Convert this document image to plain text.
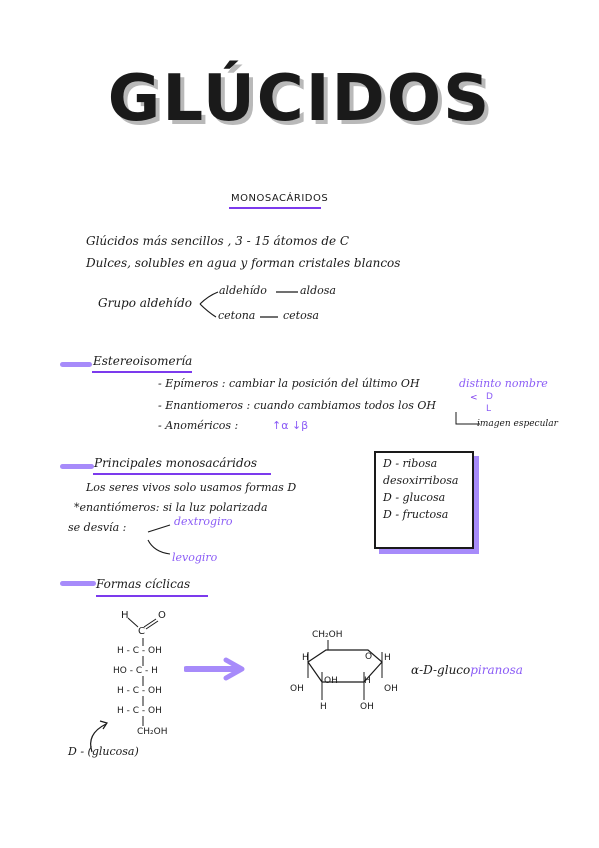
GLÚCIDOS
MONOSACÁRIDOS
Glúcidos más sencillos , 3 - 15 átomos de C
Dulces, solubles en agua y forman cristales blancos
Grupo aldehído
aldehído	aldosa
cetona	cetosa
Estereoisomería
- Epímeros : cambiar la posición del último OH	distinto nombre
- Enantiomeros : cuando cambiamos todos los OH
< D
L
imagen especular
- Anoméricos :	↑α ↓β
Principales monosacáridos
Los seres vivos solo usamos formas D
*enantiómeros: si la luz polarizada
se desvía :	dextrogiro
levogiro
D - ribosa
desoxirribosa
D - glucosa
D - fructosa
Formas cíclicas
H	O
C
H - C - OH
HO - C - H
H - C - OH
H - C - OH
CH₂OH
D - (glucosa)
CH₂OH
O
H	H
OH
OH	H
OH
H	OH
α-D-glucopiranosa
